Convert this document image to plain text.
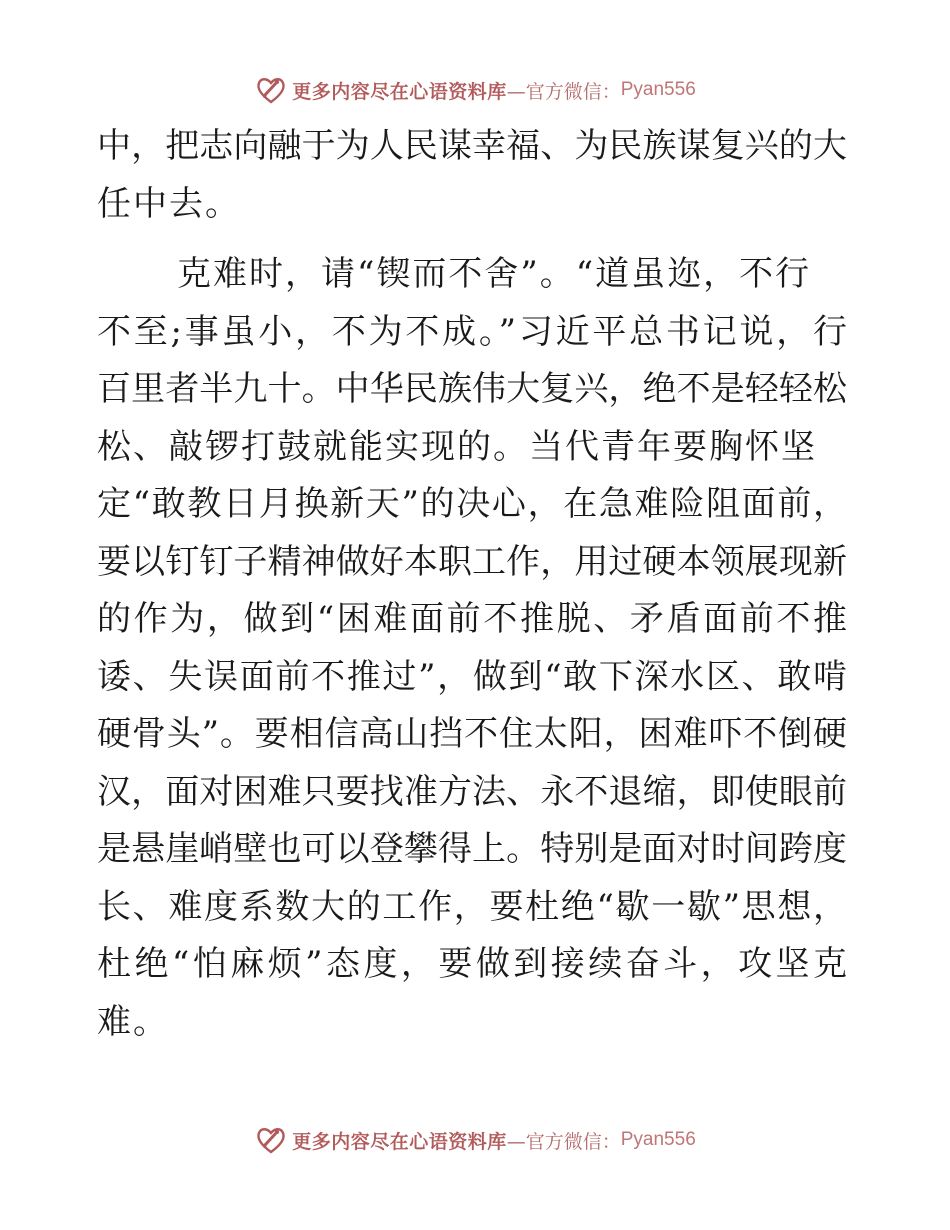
更多内容尽在心语资料库 —官方微信： Pyan556
中，把志向融于为人民谋幸福、为民族谋复兴的大
任中去。
克难时，请“锲而不舍”。“道虽迩，不行
不至;事虽小，不为不成。”习近平总书记说，行
百里者半九十。中华民族伟大复兴，绝不是轻轻松
松、敲锣打鼓就能实现的。当代青年要胸怀坚
定“敢教日月换新天”的决心，在急难险阻面前，
要以钉钉子精神做好本职工作，用过硬本领展现新
的作为，做到“困难面前不推脱、矛盾面前不推
诿、失误面前不推过”，做到“敢下深水区、敢啃
硬骨头”。要相信高山挡不住太阳，困难吓不倒硬
汉，面对困难只要找准方法、永不退缩，即使眼前
是悬崖峭壁也可以登攀得上。特别是面对时间跨度
长、难度系数大的工作，要杜绝“歇一歇”思想，
杜绝“怕麻烦”态度，要做到接续奋斗，攻坚克
难。
更多内容尽在心语资料库 —官方微信： Pyan556
